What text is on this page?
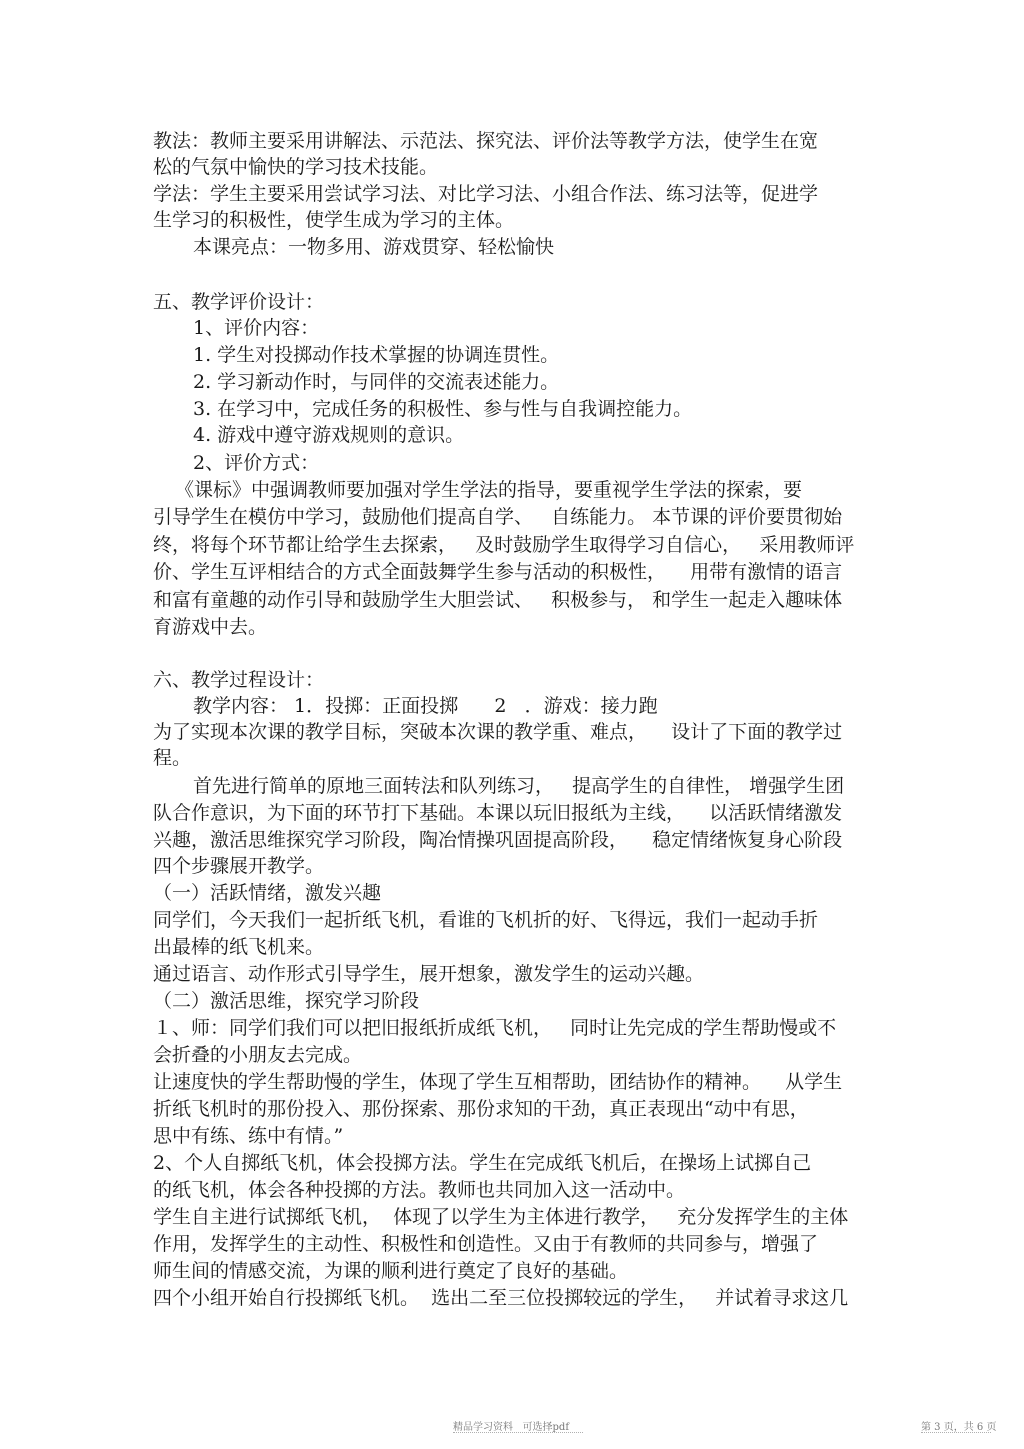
教法：教师主要采用讲解法、示范法、探究法、评价法等教学方法，使学生在宽
松的气氛中愉快的学习技术技能。
学法：学生主要采用尝试学习法、对比学习法、小组合作法、练习法等，促进学
生学习的积极性，使学生成为学习的主体。
本课亮点：一物多用、游戏贯穿、轻松愉快
五、教学评价设计：
1、评价内容：
1. 学生对投掷动作技术掌握的协调连贯性。
2. 学习新动作时，与同伴的交流表述能力。
3. 在学习中，完成任务的积极性、参与性与自我调控能力。
4. 游戏中遵守游戏规则的意识。
2、评价方式：
《课标》中强调教师要加强对学生学法的指导，要重视学生学法的探索，要
引导学生在模仿中学习，鼓励他们提高自学、   自练能力。 本节课的评价要贯彻始
终，将每个环节都让给学生去探索，   及时鼓励学生取得学习自信心，   采用教师评
价、学生互评相结合的方式全面鼓舞学生参与活动的积极性，    用带有激情的语言
和富有童趣的动作引导和鼓励学生大胆尝试、   积极参与， 和学生一起走入趣味体
育游戏中去。
六、教学过程设计：
教学内容： 1．投掷：正面投掷      2   ．游戏：接力跑
为了实现本次课的教学目标，突破本次课的教学重、难点，    设计了下面的教学过
程。
首先进行简单的原地三面转法和队列练习，   提高学生的自律性， 增强学生团
队合作意识，为下面的环节打下基础。本课以玩旧报纸为主线，    以活跃情绪激发
兴趣，激活思维探究学习阶段，陶冶情操巩固提高阶段，    稳定情绪恢复身心阶段
四个步骤展开教学。
（一）活跃情绪，激发兴趣
同学们，今天我们一起折纸飞机，看谁的飞机折的好、飞得远，我们一起动手折
出最棒的纸飞机来。
通过语言、动作形式引导学生，展开想象，激发学生的运动兴趣。
（二）激活思维，探究学习阶段
１、师：同学们我们可以把旧报纸折成纸飞机，   同时让先完成的学生帮助慢或不
会折叠的小朋友去完成。
让速度快的学生帮助慢的学生，体现了学生互相帮助，团结协作的精神。    从学生
折纸飞机时的那份投入、那份探索、那份求知的干劲，真正表现出“动中有思，
思中有练、练中有情。”
2、个人自掷纸飞机，体会投掷方法。学生在完成纸飞机后，在操场上试掷自己
的纸飞机，体会各种投掷的方法。教师也共同加入这一活动中。
学生自主进行试掷纸飞机，  体现了以学生为主体进行教学，   充分发挥学生的主体
作用，发挥学生的主动性、积极性和创造性。又由于有教师的共同参与，增强了
师生间的情感交流，为课的顺利进行奠定了良好的基础。
四个小组开始自行投掷纸飞机。  选出二至三位投掷较远的学生，   并试着寻求这几
精品学习资料   可选择pdf	第 3 页，共 6 页
